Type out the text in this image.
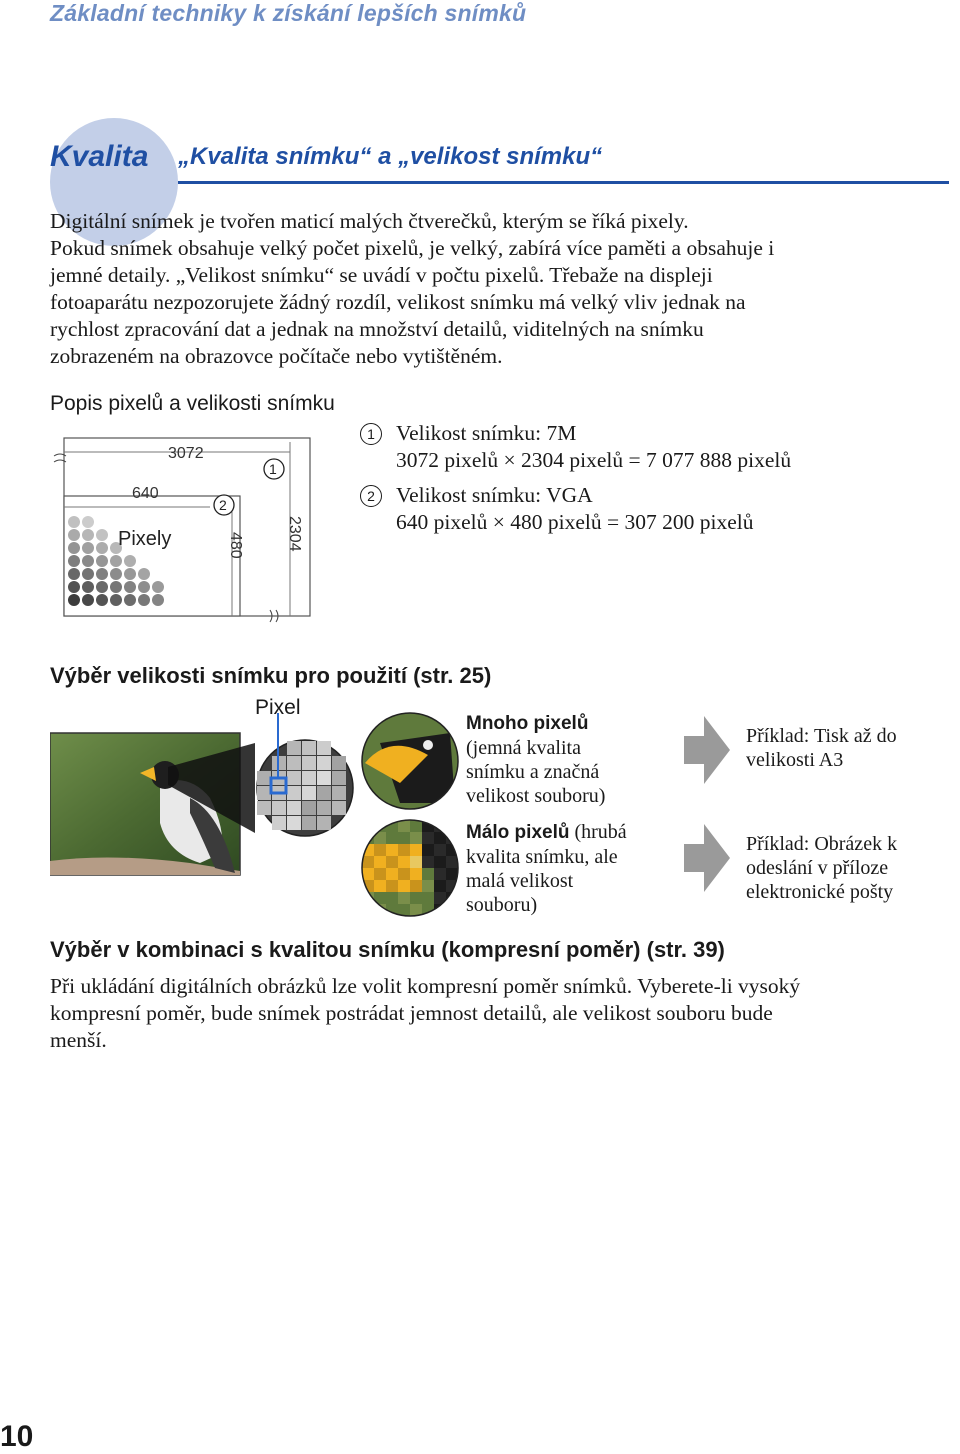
Základní techniky k získání lepších snímků
Kvalita „Kvalita snímku“ a „velikost snímku“
Digitální snímek je tvořen maticí malých čtverečků, kterým se říká pixely.
Pokud snímek obsahuje velký počet pixelů, je velký, zabírá více paměti a obsahuje i
jemné detaily. „Velikost snímku“ se uvádí v počtu pixelů. Třebaže na displeji
fotoaparátu nezpozorujete žádný rozdíl, velikost snímku má velký vliv jednak na
rychlost zpracování dat a jednak na množství detailů, viditelných na snímku
zobrazeném na obrazovce počítače nebo vytištěném.
Popis pixelů a velikosti snímku
3072
640
Pixely	480	2304
1
2
1 Velikost snímku: 7M
3072 pixelů × 2304 pixelů = 7 077 888 pixelů
2 Velikost snímku: VGA
640 pixelů × 480 pixelů = 307 200 pixelů
Výběr velikosti snímku pro použití (str. 25)
Pixel
Mnoho pixelů
(jemná kvalita
snímku a značná
velikost souboru)
Málo pixelů (hrubá
kvalita snímku, ale
malá velikost
souboru)
Příklad: Tisk až do
velikosti A3
Příklad: Obrázek k
odeslání v příloze
elektronické pošty
Výběr v kombinaci s kvalitou snímku (kompresní poměr) (str. 39)
Při ukládání digitálních obrázků lze volit kompresní poměr snímků. Vyberete-li vysoký
kompresní poměr, bude snímek postrádat jemnost detailů, ale velikost souboru bude
menší.
10
